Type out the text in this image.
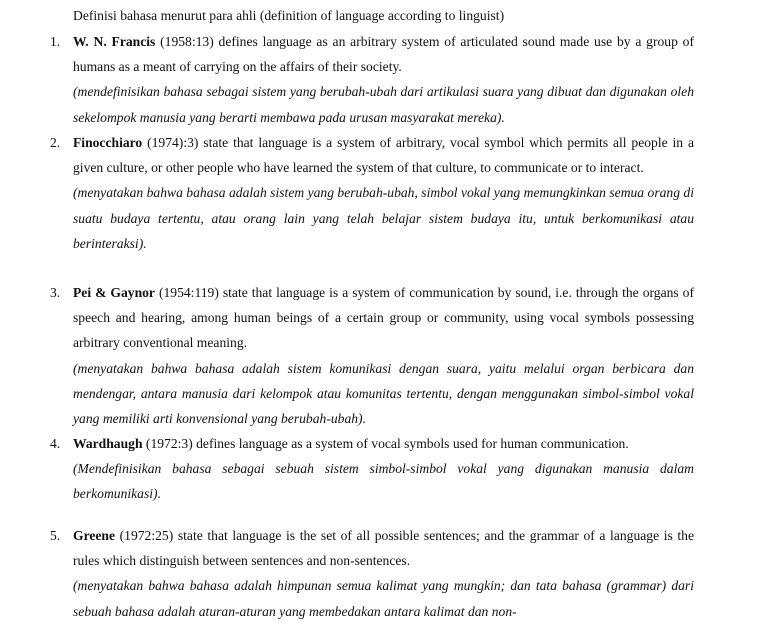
Definisi bahasa menurut para ahli (definition of language according to linguist)
1. W. N. Francis (1958:13) defines language as an arbitrary system of articulated sound made use by a group of humans as a meant of carrying on the affairs of their society.

(mendefinisikan bahasa sebagai sistem yang berubah-ubah dari artikulasi suara yang dibuat dan digunakan oleh sekelompok manusia yang berarti membawa pada urusan masyarakat mereka).

2. Finocchiaro (1974):3) state that language is a system of arbitrary, vocal symbol which permits all people in a given culture, or other people who have learned the system of that culture, to communicate or to interact.

(menyatakan bahwa bahasa adalah sistem yang berubah-ubah, simbol vokal yang memungkinkan semua orang di suatu budaya tertentu, atau orang lain yang telah belajar sistem budaya itu, untuk berkomunikasi atau berinteraksi).

3. Pei & Gaynor (1954:119) state that language is a system of communication by sound, i.e. through the organs of speech and hearing, among human beings of a certain group or community, using vocal symbols possessing arbitrary conventional meaning.

(menyatakan bahwa bahasa adalah sistem komunikasi dengan suara, yaitu melalui organ berbicara dan mendengar, antara manusia dari kelompok atau komunitas tertentu, dengan menggunakan simbol-simbol vokal yang memiliki arti konvensional yang berubah-ubah).

4. Wardhaugh (1972:3) defines language as a system of vocal symbols used for human communication.

(Mendefinisikan bahasa sebagai sebuah sistem simbol-simbol vokal yang digunakan manusia dalam berkomunikasi).

5. Greene (1972:25) state that language is the set of all possible sentences; and the grammar of a language is the rules which distinguish between sentences and non-sentences.

(menyatakan bahwa bahasa adalah himpunan semua kalimat yang mungkin; dan tata bahasa (grammar) dari sebuah bahasa adalah aturan-aturan yang membedakan antara kalimat dan non-
